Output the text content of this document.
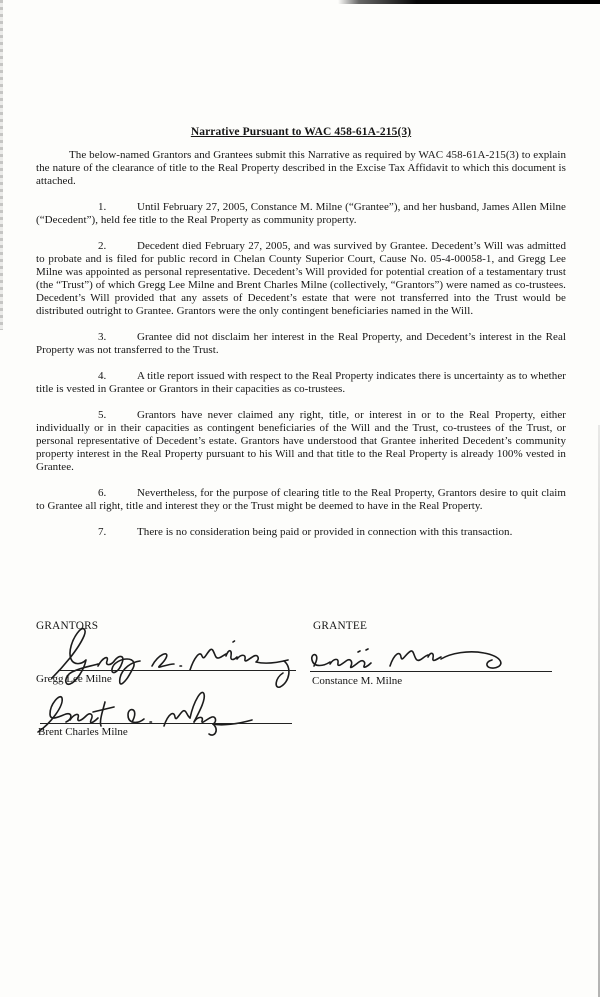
Narrative Pursuant to WAC 458-61A-215(3)

The below-named Grantors and Grantees submit this Narrative as required by WAC 458-61A-215(3) to explain the nature of the clearance of title to the Real Property described in the Excise Tax Affidavit to which this document is attached.

1.	Until February 27, 2005, Constance M. Milne (“Grantee”), and her husband, James Allen Milne (“Decedent”), held fee title to the Real Property as community property.

2.	Decedent died February 27, 2005, and was survived by Grantee. Decedent’s Will was admitted to probate and is filed for public record in Chelan County Superior Court, Cause No. 05-4-00058-1, and Gregg Lee Milne was appointed as personal representative. Decedent’s Will provided for potential creation of a testamentary trust (the “Trust”) of which Gregg Lee Milne and Brent Charles Milne (collectively, “Grantors”) were named as co-trustees. Decedent’s Will provided that any assets of Decedent’s estate that were not transferred into the Trust would be distributed outright to Grantee. Grantors were the only contingent beneficiaries named in the Will.

3.	Grantee did not disclaim her interest in the Real Property, and Decedent’s interest in the Real Property was not transferred to the Trust.

4.	A title report issued with respect to the Real Property indicates there is uncertainty as to whether title is vested in Grantee or Grantors in their capacities as co-trustees.

5.	Grantors have never claimed any right, title, or interest in or to the Real Property, either individually or in their capacities as contingent beneficiaries of the Will and the Trust, co-trustees of the Trust, or personal representative of Decedent’s estate. Grantors have understood that Grantee inherited Decedent’s community property interest in the Real Property pursuant to his Will and that title to the Real Property is already 100% vested in Grantee.

6.	Nevertheless, for the purpose of clearing title to the Real Property, Grantors desire to quit claim to Grantee all right, title and interest they or the Trust might be deemed to have in the Real Property.

7.	There is no consideration being paid or provided in connection with this transaction.

GRANTORS	GRANTEE
Gregg Lee Milne
Brent Charles Milne
Constance M. Milne
